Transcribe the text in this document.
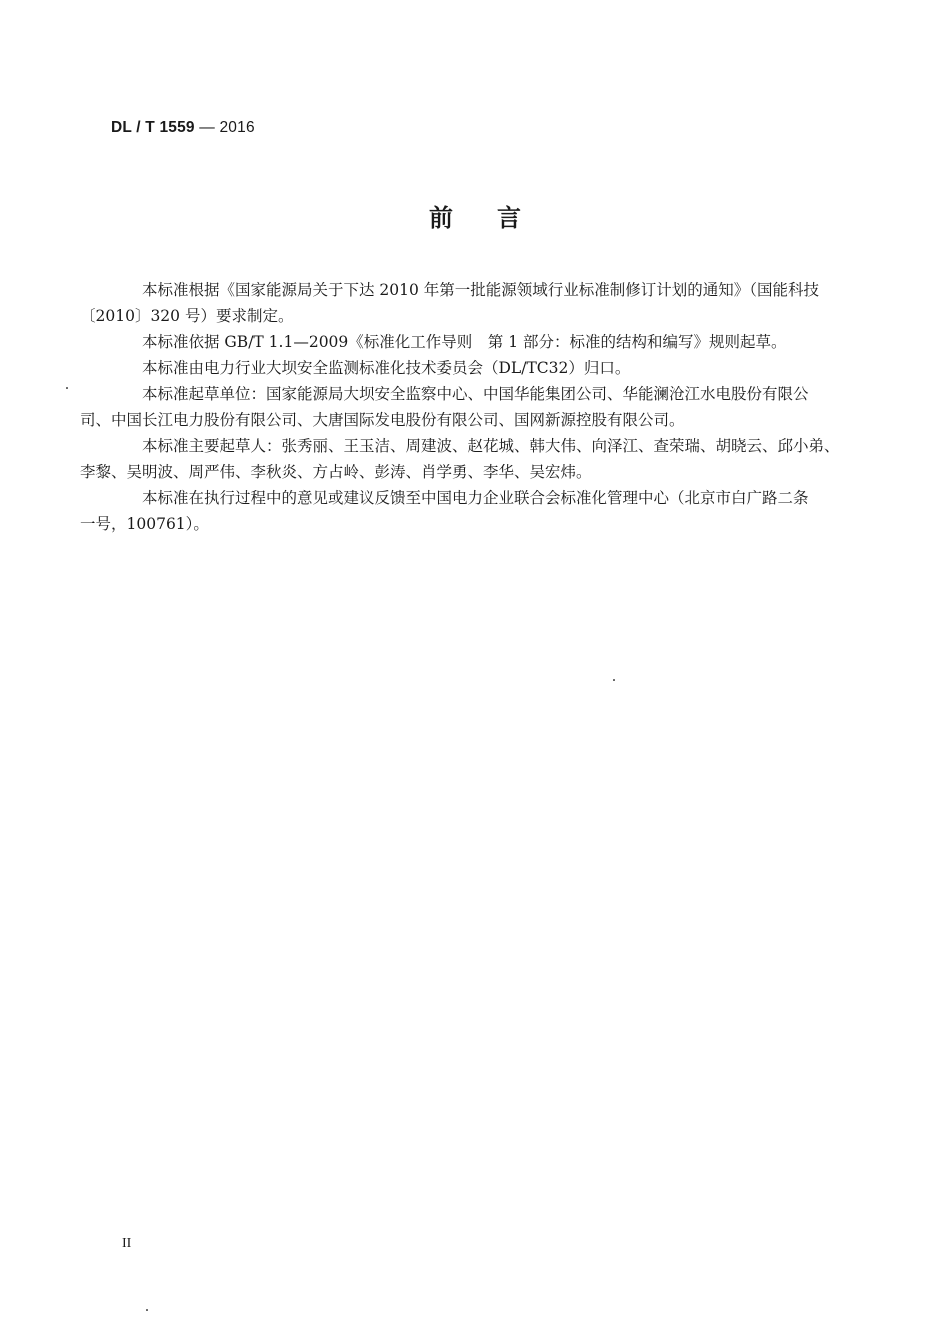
DL / T 1559 — 2016
前言

本标准根据《国家能源局关于下达 2010 年第一批能源领域行业标准制修订计划的通知》（国能科技
〔2010〕320 号）要求制定。

本标准依据 GB/T 1.1—2009《标准化工作导则　第 1 部分：标准的结构和编写》规则起草。

本标准由电力行业大坝安全监测标准化技术委员会（DL/TC32）归口。

本标准起草单位：国家能源局大坝安全监察中心、中国华能集团公司、华能澜沧江水电股份有限公
司、中国长江电力股份有限公司、大唐国际发电股份有限公司、国网新源控股有限公司。

本标准主要起草人：张秀丽、王玉洁、周建波、赵花城、韩大伟、向泽江、查荣瑞、胡晓云、邱小弟、
李黎、吴明波、周严伟、李秋炎、方占岭、彭涛、肖学勇、李华、吴宏炜。

本标准在执行过程中的意见或建议反馈至中国电力企业联合会标准化管理中心（北京市白广路二条
一号，100761）。

II
